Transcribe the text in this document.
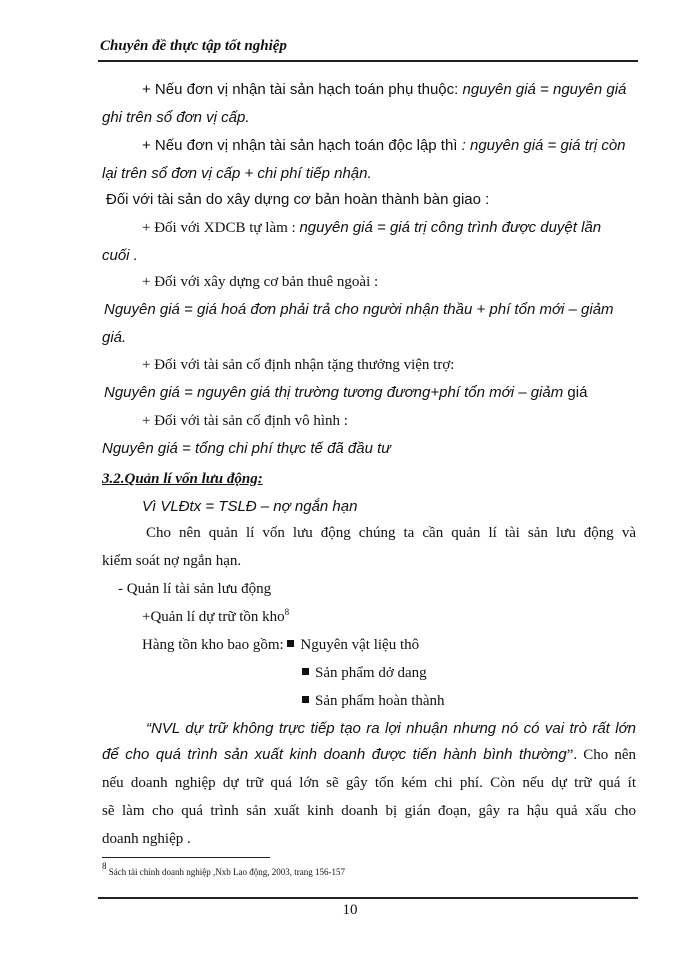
Chuyên đề thực tập tốt nghiệp
+ Nếu đơn vị nhận tài sản hạch toán phụ thuộc: nguyên giá = nguyên giá
ghi trên sổ đơn vị cấp.
+ Nếu đơn vị nhận tài sản hạch toán độc lập thì : nguyên giá = giá trị còn
lại trên sổ đơn vị cấp + chi phí tiếp nhận.
Đối với tài sản do xây dựng cơ bản hoàn thành bàn giao :
+ Đối với XDCB tự làm : nguyên giá = giá trị công trình được duyệt lần
cuối .
+ Đối với xây dựng cơ bản thuê ngoài :
Nguyên giá = giá hoá đơn phải trả cho người nhận thầu + phí tổn mới – giảm
giá.
+ Đối với tài sản cố định nhận tặng thưởng viện trợ:
Nguyên giá = nguyên giá thị trường tương đương+phí tổn mới – giảm giá
+ Đối với tài sản cố định vô hình :
Nguyên giá = tổng chi phí thực tế đã đầu tư
3.2.Quản lí vốn lưu động:
Vì VLĐtx = TSLĐ – nợ ngắn hạn
Cho nên quản lí vốn lưu động chúng ta cần quản lí tài sản lưu động và
kiểm soát nợ ngắn hạn.
- Quản lí tài sản lưu động
+Quản lí dự trữ tồn kho$^8$
Hàng tồn kho bao gồm: Nguyên vật liệu thô
Sản phẩm dở dang
Sản phẩm hoàn thành
“NVL dự trữ không trực tiếp tạo ra lợi nhuận nhưng nó có vai trò rất lớn
để cho quá trình sản xuất kinh doanh được tiến hành bình thường”. Cho nên
nếu doanh nghiệp dự trữ quá lớn sẽ gây tốn kém chi phí. Còn nếu dự trữ quá ít
sẽ làm cho quá trình sản xuất kinh doanh bị gián đoạn, gây ra hậu quả xấu cho
doanh nghiệp .
$^8$ Sách tài chính doanh nghiệp ,Nxb Lao động, 2003, trang 156-157
10
